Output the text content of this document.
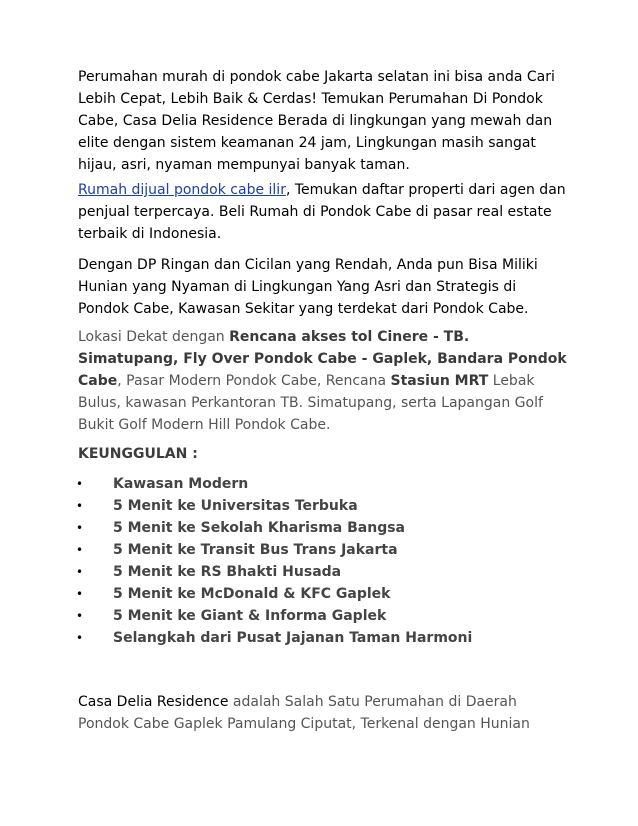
Perumahan murah di pondok cabe Jakarta selatan ini bisa anda Cari Lebih Cepat, Lebih Baik & Cerdas! Temukan Perumahan Di Pondok Cabe, Casa Delia Residence Berada di lingkungan yang mewah dan elite dengan sistem keamanan 24 jam, Lingkungan masih sangat hijau, asri, nyaman mempunyai banyak taman.

Rumah dijual pondok cabe ilir, Temukan daftar properti dari agen dan penjual terpercaya. Beli Rumah di Pondok Cabe di pasar real estate terbaik di Indonesia.

Dengan DP Ringan dan Cicilan yang Rendah, Anda pun Bisa Miliki Hunian yang Nyaman di Lingkungan Yang Asri dan Strategis di Pondok Cabe, Kawasan Sekitar yang terdekat dari Pondok Cabe.

Lokasi Dekat dengan Rencana akses tol Cinere - TB. Simatupang, Fly Over Pondok Cabe - Gaplek, Bandara Pondok Cabe, Pasar Modern Pondok Cabe, Rencana Stasiun MRT Lebak Bulus, kawasan Perkantoran TB. Simatupang, serta Lapangan Golf Bukit Golf Modern Hill Pondok Cabe.

KEUNGGULAN :

• Kawasan Modern
• 5 Menit ke Universitas Terbuka
• 5 Menit ke Sekolah Kharisma Bangsa
• 5 Menit ke Transit Bus Trans Jakarta
• 5 Menit ke RS Bhakti Husada
• 5 Menit ke McDonald & KFC Gaplek
• 5 Menit ke Giant & Informa Gaplek
• Selangkah dari Pusat Jajanan Taman Harmoni

Casa Delia Residence adalah Salah Satu Perumahan di Daerah Pondok Cabe Gaplek Pamulang Ciputat, Terkenal dengan Hunian
